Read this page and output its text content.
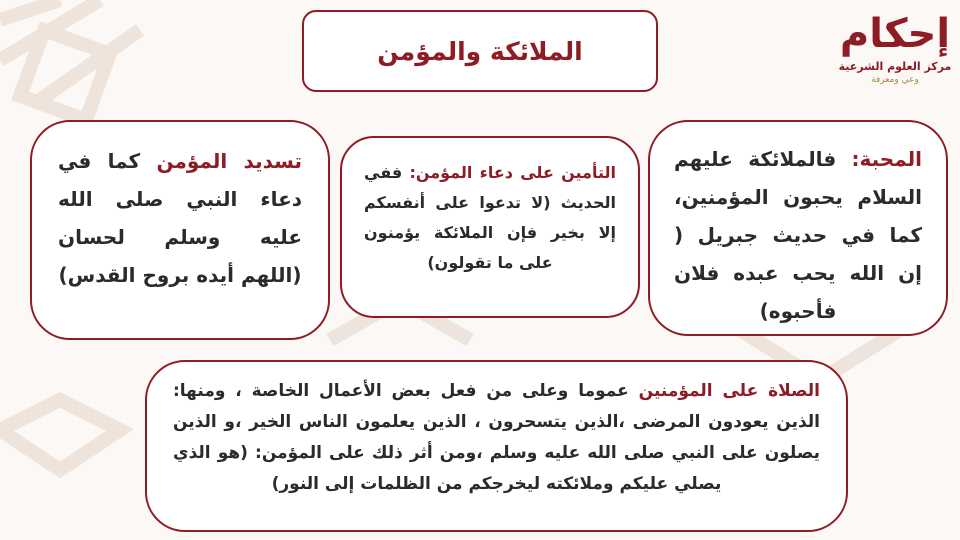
إحكام
مركز العلوم الشرعية
وعي ومعرفة
الملائكة والمؤمن
المحبة: فالملائكة عليهم السلام يحبون المؤمنين، كما في حديث جبريل ( إن الله يحب عبده فلان فأحبوه)
التأمين على دعاء المؤمن: ففي الحديث (لا تدعوا على أنفسكم إلا بخير فإن الملائكة يؤمنون على ما تقولون)
تسديد المؤمن كما في دعاء النبي صلى الله عليه وسلم لحسان (اللهم أيده بروح القدس)
الصلاة على المؤمنين عموما وعلى من فعل بعض الأعمال الخاصة ، ومنها: الذين يعودون المرضى ،الذين يتسحرون ، الذين يعلمون الناس الخير ،و الذين يصلون على النبي صلى الله عليه وسلم ،ومن أثر ذلك على المؤمن: (هو الذي يصلي عليكم وملائكته ليخرجكم من الظلمات إلى النور)
